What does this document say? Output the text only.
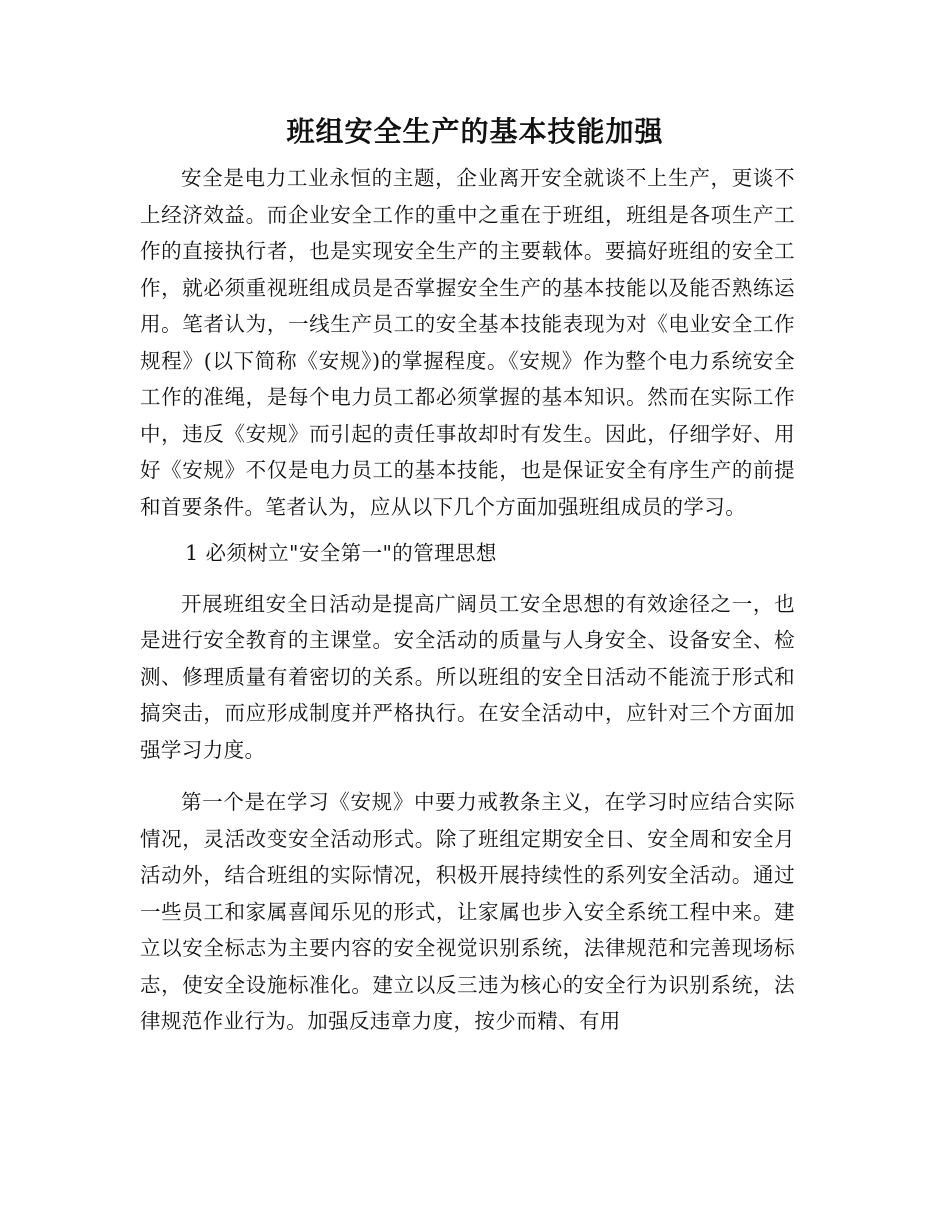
班组安全生产的基本技能加强

安全是电力工业永恒的主题，企业离开安全就谈不上生产，更谈不上经济效益。而企业安全工作的重中之重在于班组，班组是各项生产工作的直接执行者，也是实现安全生产的主要载体。要搞好班组的安全工作，就必须重视班组成员是否掌握安全生产的基本技能以及能否熟练运用。笔者认为，一线生产员工的安全基本技能表现为对《电业安全工作规程》(以下简称《安规》)的掌握程度。《安规》作为整个电力系统安全工作的准绳，是每个电力员工都必须掌握的基本知识。然而在实际工作中，违反《安规》而引起的责任事故却时有发生。因此，仔细学好、用好《安规》不仅是电力员工的基本技能，也是保证安全有序生产的前提和首要条件。笔者认为，应从以下几个方面加强班组成员的学习。

1 必须树立"安全第一"的管理思想

开展班组安全日活动是提高广阔员工安全思想的有效途径之一，也是进行安全教育的主课堂。安全活动的质量与人身安全、设备安全、检测、修理质量有着密切的关系。所以班组的安全日活动不能流于形式和搞突击，而应形成制度并严格执行。在安全活动中，应针对三个方面加强学习力度。

第一个是在学习《安规》中要力戒教条主义，在学习时应结合实际情况，灵活改变安全活动形式。除了班组定期安全日、安全周和安全月活动外，结合班组的实际情况，积极开展持续性的系列安全活动。通过一些员工和家属喜闻乐见的形式，让家属也步入安全系统工程中来。建立以安全标志为主要内容的安全视觉识别系统，法律规范和完善现场标志，使安全设施标准化。建立以反三违为核心的安全行为识别系统，法律规范作业行为。加强反违章力度，按少而精、有用
